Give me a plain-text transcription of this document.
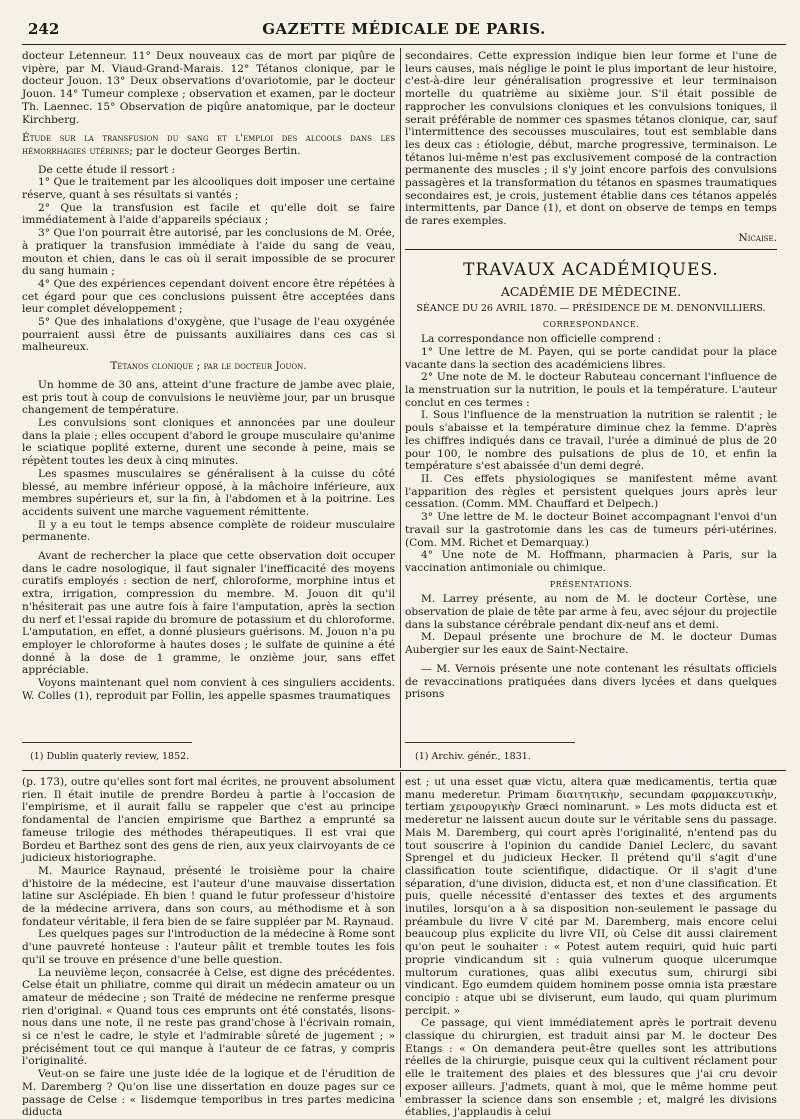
242	GAZETTE MÉDICALE DE PARIS.

docteur Letenneur. 11° Deux nouveaux cas de mort par piqûre de vipère, par M. Viaud-Grand-Marais. 12° Tétanos clonique, par le docteur Jouon. 13° Deux observations d'ovariotomie, par le docteur Jouon. 14° Tumeur complexe ; observation et examen, par le docteur Th. Laennec. 15° Observation de piqûre anatomique, par le docteur Kirchberg.

Étude sur la transfusion du sang et l'emploi des alcools dans les hémorrhagies utérines; par le docteur Georges Bertin.

De cette étude il ressort :

1° Que le traitement par les alcooliques doit imposer une certaine réserve, quant à ses résultats si vantés ;

2° Que la transfusion est facile et qu'elle doit se faire immédiatement à l'aide d'appareils spéciaux ;

3° Que l'on pourrait être autorisé, par les conclusions de M. Orée, à pratiquer la transfusion immédiate à l'aide du sang de veau, mouton et chien, dans le cas où il serait impossible de se procurer du sang humain ;

4° Que des expériences cependant doivent encore être répétées à cet égard pour que ces conclusions puissent être acceptées dans leur complet développement ;

5° Que des inhalations d'oxygène, que l'usage de l'eau oxygénée pourraient aussi être de puissants auxiliaires dans ces cas si malheureux.

Tétanos clonique ; par le docteur Jouon.

Un homme de 30 ans, atteint d'une fracture de jambe avec plaie, est pris tout à coup de convulsions le neuvième jour, par un brusque changement de température.

Les convulsions sont cloniques et annoncées par une douleur dans la plaie ; elles occupent d'abord le groupe musculaire qu'anime le sciatique poplité externe, durent une seconde à peine, mais se répètent toutes les deux à cinq minutes.

Les spasmes musculaires se généralisent à la cuisse du côté blessé, au membre inférieur opposé, à la mâchoire inférieure, aux membres supérieurs et, sur la fin, à l'abdomen et à la poitrine. Les accidents suivent une marche vaguement rémittente.

Il y a eu tout le temps absence complète de roideur musculaire permanente.

Avant de rechercher la place que cette observation doit occuper dans le cadre nosologique, il faut signaler l'inefficacité des moyens curatifs employés : section de nerf, chloroforme, morphine intus et extra, irrigation, compression du membre. M. Jouon dit qu'il n'hésiterait pas une autre fois à faire l'amputation, après la section du nerf et l'essai rapide du bromure de potassium et du chloroforme. L'amputation, en effet, a donné plusieurs guérisons. M. Jouon n'a pu employer le chloroforme à hautes doses ; le sulfate de quinine a été donné à la dose de 1 gramme, le onzième jour, sans effet appréciable.

Voyons maintenant quel nom convient à ces singuliers accidents. W. Colles (1), reproduit par Follin, les appelle spasmes traumatiques

secondaires. Cette expression indique bien leur forme et l'une de leurs causes, mais néglige le point le plus important de leur histoire, c'est-à-dire leur généralisation progressive et leur terminaison mortelle du quatrième au sixième jour. S'il était possible de rapprocher les convulsions cloniques et les convulsions toniques, il serait préférable de nommer ces spasmes tétanos clonique, car, sauf l'intermittence des secousses musculaires, tout est semblable dans les deux cas : étiologie, début, marche progressive, terminaison. Le tétanos lui-même n'est pas exclusivement composé de la contraction permanente des muscles ; il s'y joint encore parfois des convulsions passagères et la transformation du tétanos en spasmes traumatiques secondaires est, je crois, justement établie dans ces tétanos appelés intermittents, par Dance (1), et dont on observe de temps en temps de rares exemples.

Nicaise.

TRAVAUX ACADÉMIQUES.

ACADÉMIE DE MÉDECINE.

SÉANCE DU 26 AVRIL 1870. — PRÉSIDENCE DE M. DENONVILLIERS.

CORRESPONDANCE.

La correspondance non officielle comprend :

1° Une lettre de M. Payen, qui se porte candidat pour la place vacante dans la section des académiciens libres.

2° Une note de M. le docteur Rabuteau concernant l'influence de la menstruation sur la nutrition, le pouls et la température. L'auteur conclut en ces termes :

I. Sous l'influence de la menstruation la nutrition se ralentit ; le pouls s'abaisse et la température diminue chez la femme. D'après les chiffres indiqués dans ce travail, l'urée a diminué de plus de 20 pour 100, le nombre des pulsations de plus de 10, et enfin la température s'est abaissée d'un demi degré.

II. Ces effets physiologiques se manifestent même avant l'apparition des règles et persistent quelques jours après leur cessation. (Comm. MM. Chauffard et Delpech.)

3° Une lettre de M. le docteur Boinet accompagnant l'envoi d'un travail sur la gastrotomie dans les cas de tumeurs péri-utérines. (Com. MM. Richet et Demarquay.)

4° Une note de M. Hoffmann, pharmacien à Paris, sur la vaccination antimoniale ou chimique.

PRÉSENTATIONS.

M. Larrey présente, au nom de M. le docteur Cortèse, une observation de plaie de tête par arme à feu, avec séjour du projectile dans la substance cérébrale pendant dix-neuf ans et demi.

M. Depaul présente une brochure de M. le docteur Dumas Aubergier sur les eaux de Saint-Nectaire.

— M. Vernois présente une note contenant les résultats officiels de revaccinations pratiquées dans divers lycées et dans quelques prisons

(1) Dublin quaterly review, 1852.	(1) Archiv. génér., 1831.

(p. 173), outre qu'elles sont fort mal écrites, ne prouvent absolument rien. Il était inutile de prendre Bordeu à partie à l'occasion de l'empirisme, et il aurait fallu se rappeler que c'est au principe fondamental de l'ancien empirisme que Barthez a emprunté sa fameuse trilogie des méthodes thérapeutiques. Il est vrai que Bordeu et Barthez sont des gens de rien, aux yeux clairvoyants de ce judicieux historiographe.

M. Maurice Raynaud, présenté le troisième pour la chaire d'histoire de la médecine, est l'auteur d'une mauvaise dissertation latine sur Asclépiade. Eh bien ! quand le futur professeur d'histoire de la médecine arrivera, dans son cours, au méthodisme et à son fondateur véritable, il fera bien de se faire suppléer par M. Raynaud.

Les quelques pages sur l'introduction de la médecine à Rome sont d'une pauvreté honteuse : l'auteur pâlit et tremble toutes les fois qu'il se trouve en présence d'une belle question.

La neuvième leçon, consacrée à Celse, est digne des précédentes. Celse était un philiatre, comme qui dirait un médecin amateur ou un amateur de médecine ; son Traité de médecine ne renferme presque rien d'original. « Quand tous ces emprunts ont été constatés, lisons-nous dans une note, il ne reste pas grand'chose à l'écrivain romain, si ce n'est le cadre, le style et l'admirable sûreté de jugement ; » précisément tout ce qui manque à l'auteur de ce fatras, y compris l'originalité.

Veut-on se faire une juste idée de la logique et de l'érudition de M. Daremberg ? Qu'on lise une dissertation en douze pages sur ce passage de Celse : « Iisdemque temporibus in tres partes medicina diducta

est ; ut una esset quæ victu, altera quæ medicamentis, tertia quæ manu mederetur. Primam διαιτητικὴν, secundam φαρμακευτικὴν, tertiam χειρουργικὴν Græci nominarunt. » Les mots diducta est et mederetur ne laissent aucun doute sur le véritable sens du passage. Mais M. Daremberg, qui court après l'originalité, n'entend pas du tout souscrire à l'opinion du candide Daniel Leclerc, du savant Sprengel et du judicieux Hecker. Il prétend qu'il s'agit d'une classification toute scientifique, didactique. Or il s'agit d'une séparation, d'une division, diducta est, et non d'une classification. Et puis, quelle nécessité d'entasser des textes et des arguments inutiles, lorsqu'on a à sa disposition non-seulement le passage du préambule du livre V cité par M. Daremberg, mais encore celui beaucoup plus explicite du livre VII, où Celse dit aussi clairement qu'on peut le souhaiter : « Potest autem requiri, quid huic parti proprie vindicandum sit : quia vulnerum quoque ulcerumque multorum curationes, quas alibi executus sum, chirurgi sibi vindicant. Ego eumdem quidem hominem posse omnia ista præstare concipio : atque ubi se diviserunt, eum laudo, qui quam plurimum percipit. »

Ce passage, qui vient immédiatement après le portrait devenu classique du chirurgien, est traduit ainsi par M. le docteur Des Etangs : « On demandera peut-être quelles sont les attributions réelles de la chirurgie, puisque ceux qui la cultivent réclament pour elle le traitement des plaies et des blessures que j'ai cru devoir exposer ailleurs. J'admets, quant à moi, que le même homme peut embrasser la science dans son ensemble ; et, malgré les divisions établies, j'applaudis à celui
